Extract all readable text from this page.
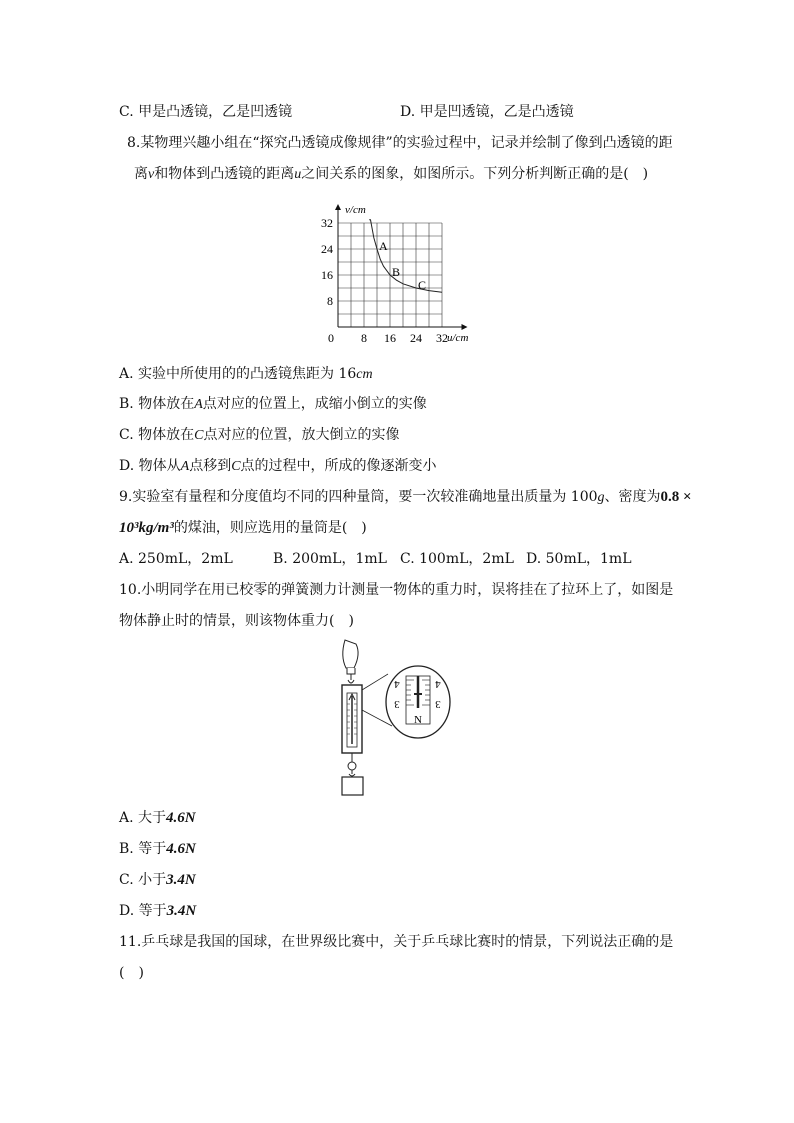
C. 甲是凸透镜，乙是凹透镜	D. 甲是凹透镜，乙是凸透镜
8.某物理兴趣小组在“探究凸透镜成像规律”的实验过程中，记录并绘制了像到凸透镜的距
离v和物体到凸透镜的距离u之间关系的图象，如图所示。下列分析判断正确的是(　)
8 16 24 32
8
16
24
32
A
B
C
v/cm
u/cm
0
A. 实验中所使用的的凸透镜焦距为 16cm
B. 物体放在A点对应的位置上，成缩小倒立的实像
C. 物体放在C点对应的位置，放大倒立的实像
D. 物体从A点移到C点的过程中，所成的像逐渐变小
9.实验室有量程和分度值均不同的四种量筒，要一次较准确地量出质量为 100g、密度为0.8 ×
10³kg/m³的煤油，则应选用的量筒是(　)
A. 250mL，2mL	B. 200mL，1mL C. 100mL，2mL D. 50mL，1mL
10.小明同学在用已校零的弹簧测力计测量一物体的重力时，误将挂在了拉环上了，如图是
物体静止时的情景，则该物体重力(　)
4	4
3	3
N
A. 大于4.6N
B. 等于4.6N
C. 小于3.4N
D. 等于3.4N
11.乒乓球是我国的国球，在世界级比赛中，关于乒乓球比赛时的情景，下列说法正确的是
(　)
